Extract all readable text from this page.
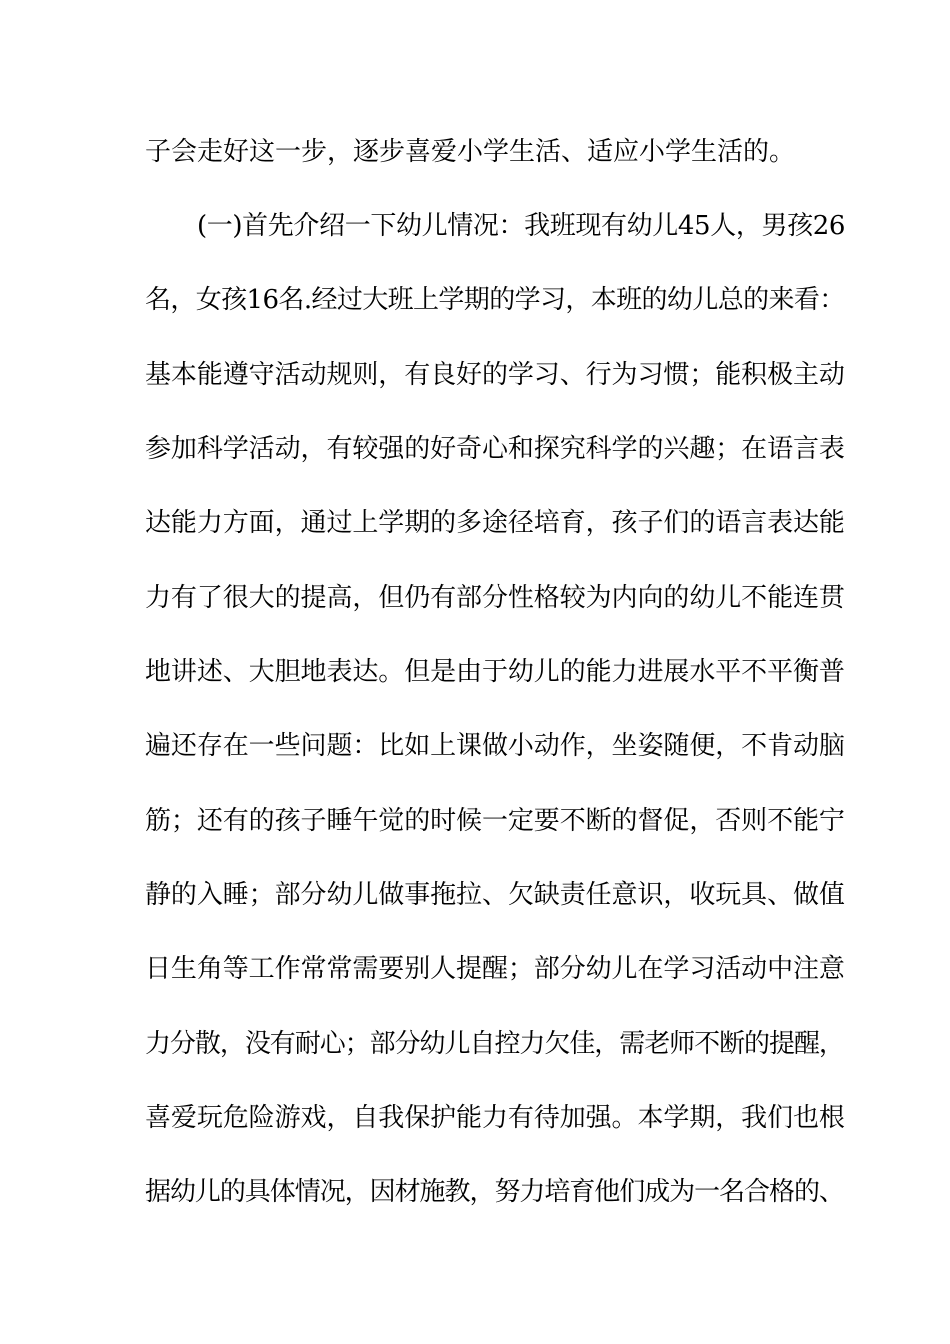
子会走好这一步，逐步喜爱小学生活、适应小学生活的。
(一)首先介绍一下幼儿情况：我班现有幼儿45人，男孩26
名，女孩16名.经过大班上学期的学习，本班的幼儿总的来看：
基本能遵守活动规则，有良好的学习、行为习惯；能积极主动
参加科学活动，有较强的好奇心和探究科学的兴趣；在语言表
达能力方面，通过上学期的多途径培育，孩子们的语言表达能
力有了很大的提高，但仍有部分性格较为内向的幼儿不能连贯
地讲述、大胆地表达。但是由于幼儿的能力进展水平不平衡普
遍还存在一些问题：比如上课做小动作，坐姿随便，不肯动脑
筋；还有的孩子睡午觉的时候一定要不断的督促，否则不能宁
静的入睡；部分幼儿做事拖拉、欠缺责任意识，收玩具、做值
日生角等工作常常需要别人提醒；部分幼儿在学习活动中注意
力分散，没有耐心；部分幼儿自控力欠佳，需老师不断的提醒，
喜爱玩危险游戏，自我保护能力有待加强。本学期，我们也根
据幼儿的具体情况，因材施教，努力培育他们成为一名合格的、
